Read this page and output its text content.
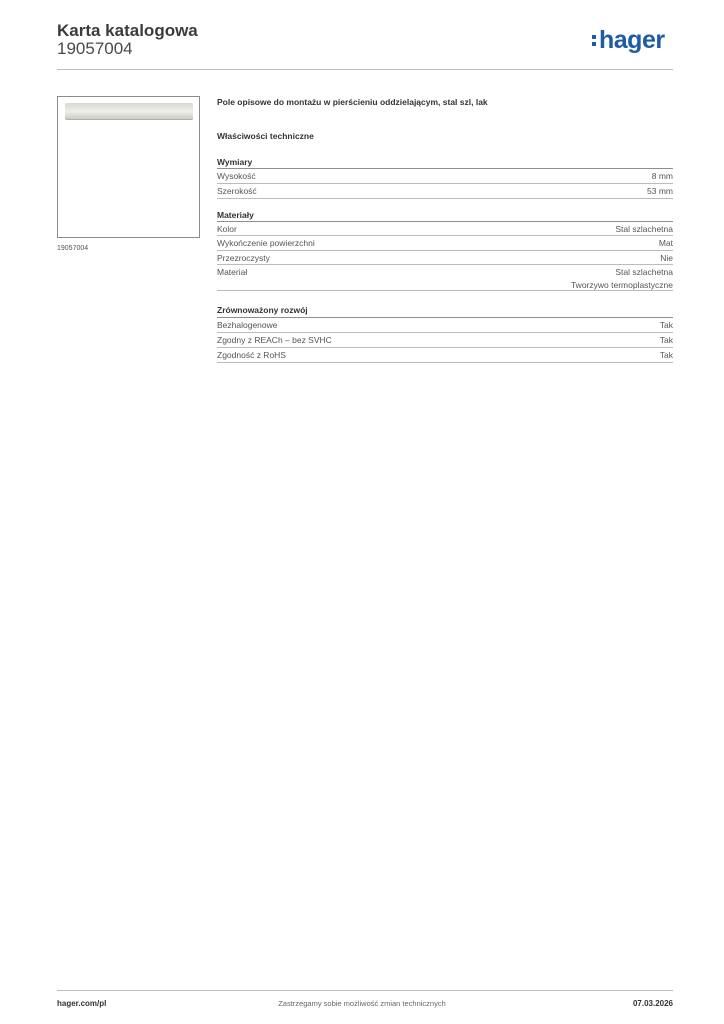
Karta katalogowa
19057004	hager
19057004
Pole opisowe do montażu w pierścieniu oddzielającym, stal szl, lak
Właściwości techniczne
Wymiary
Wysokość	8 mm
Szerokość	53 mm
Materiały
Kolor	Stal szlachetna
Wykończenie powierzchni	Mat
Przezroczysty	Nie
Materiał	Stal szlachetna
Tworzywo termoplastyczne
Zrównoważony rozwój
Bezhalogenowe	Tak
Zgodny z REACh – bez SVHC	Tak
Zgodność z RoHS	Tak
hager.com/pl	Zastrzegamy sobie możliwość zmian technicznych	07.03.2026
